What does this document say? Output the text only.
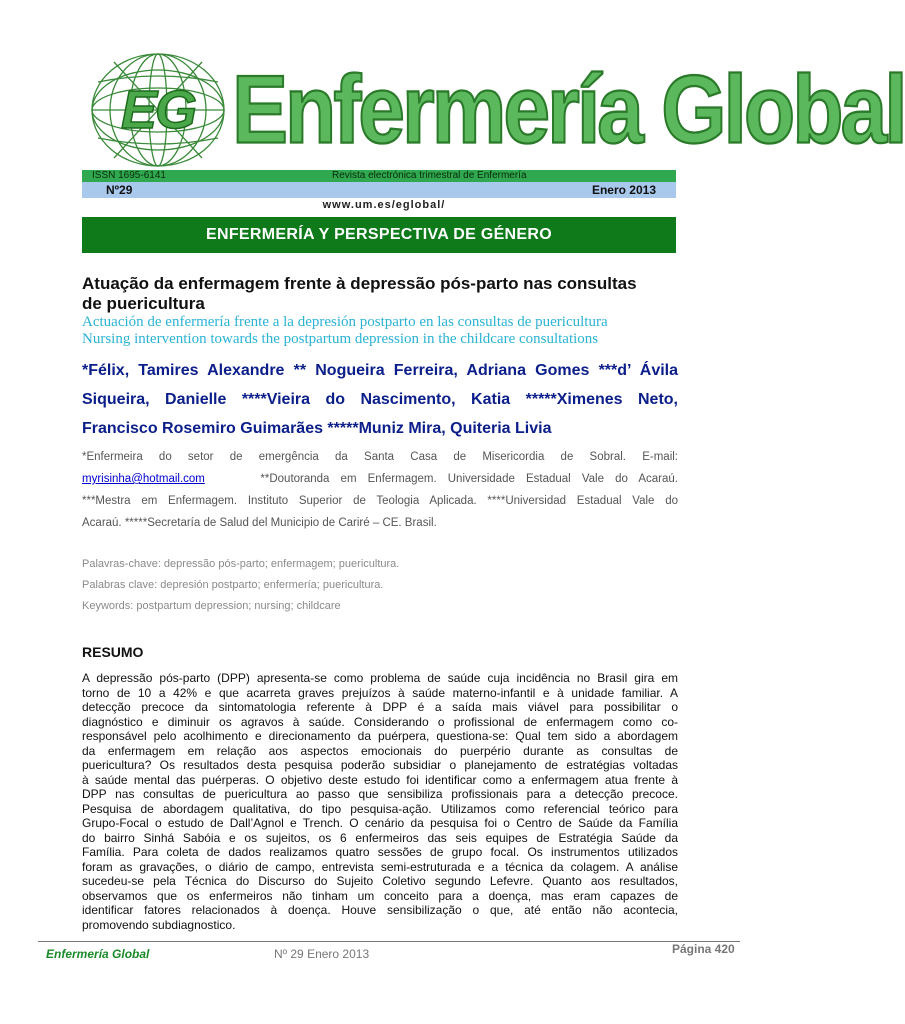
EG Enfermería Global
ISSN 1695-6141	Revista electrónica trimestral de Enfermería
Nº29	Enero 2013
www.um.es/eglobal/
ENFERMERÍA Y PERSPECTIVA DE GÉNERO
Atuação da enfermagem frente à depressão pós-parto nas consultas
de puericultura
Actuación de enfermería frente a la depresión postparto en las consultas de puericultura
Nursing intervention towards the postpartum depression in the childcare consultations

*Félix, Tamires Alexandre ** Nogueira Ferreira, Adriana Gomes ***d’ Ávila

Siqueira, Danielle ****Vieira do Nascimento, Katia *****Ximenes Neto,

Francisco Rosemiro Guimarães *****Muniz Mira, Quiteria Livia

*Enfermeira do setor de emergência da Santa Casa de Misericordia de Sobral. E-mail:

myrisinha@hotmail.com	**Doutoranda em Enfermagem. Universidade Estadual Vale do Acaraú.

***Mestra em Enfermagem. Instituto Superior de Teologia Aplicada. ****Universidad Estadual Vale do

Acaraú. *****Secretaría de Salud del Municipio de Cariré – CE. Brasil.

Palavras-chave: depressão pós-parto; enfermagem; puericultura.
Palabras clave: depresión postparto; enfermería; puericultura.
Keywords: postpartum depression; nursing; childcare
RESUMO

A depressão pós-parto (DPP) apresenta-se como problema de saúde cuja incidência no Brasil gira em

torno de 10 a 42% e que acarreta graves prejuízos à saúde materno-infantil e à unidade familiar. A

detecção precoce da sintomatologia referente à DPP é a saída mais viável para possibilitar o

diagnóstico e diminuir os agravos à saúde. Considerando o profissional de enfermagem como co-

responsável pelo acolhimento e direcionamento da puérpera, questiona-se: Qual tem sido a abordagem

da enfermagem em relação aos aspectos emocionais do puerpério durante as consultas de

puericultura? Os resultados desta pesquisa poderão subsidiar o planejamento de estratégias voltadas

à saúde mental das puérperas. O objetivo deste estudo foi identificar como a enfermagem atua frente à

DPP nas consultas de puericultura ao passo que sensibiliza profissionais para a detecção precoce.

Pesquisa de abordagem qualitativa, do tipo pesquisa-ação. Utilizamos como referencial teórico para

Grupo-Focal o estudo de Dall’Agnol e Trench. O cenário da pesquisa foi o Centro de Saúde da Família

do bairro Sinhá Sabóia e os sujeitos, os 6 enfermeiros das seis equipes de Estratégia Saúde da

Família. Para coleta de dados realizamos quatro sessões de grupo focal. Os instrumentos utilizados

foram as gravações, o diário de campo, entrevista semi-estruturada e a técnica da colagem. A análise

sucedeu-se pela Técnica do Discurso do Sujeito Coletivo segundo Lefevre. Quanto aos resultados,

observamos que os enfermeiros não tinham um conceito para a doença, mas eram capazes de

identificar fatores relacionados à doença. Houve sensibilização o que, até então não acontecia,

promovendo subdiagnostico.

Enfermería Global	Nº 29 Enero 2013	Página 420
